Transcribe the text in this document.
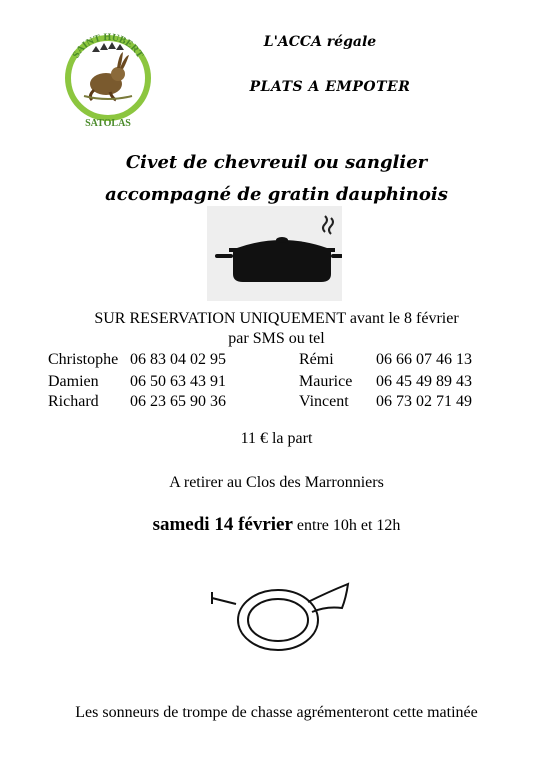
SAINT HUBERT
SATOLAS
L'ACCA régale
PLATS A EMPOTER
Civet de chevreuil ou sanglier
accompagné de gratin dauphinois
SUR RESERVATION UNIQUEMENT avant le 8 février
par SMS ou tel
Christophe 06 83 04 02 95
Damien 06 50 63 43 91
Richard 06 23 65 90 36
Rémi	06 66 07 46 13
Maurice 06 45 49 89 43
Vincent 06 73 02 71 49
11 € la part
A retirer au Clos des Marronniers
samedi 14 février entre 10h et 12h
Les sonneurs de trompe de chasse agrémenteront cette matinée
